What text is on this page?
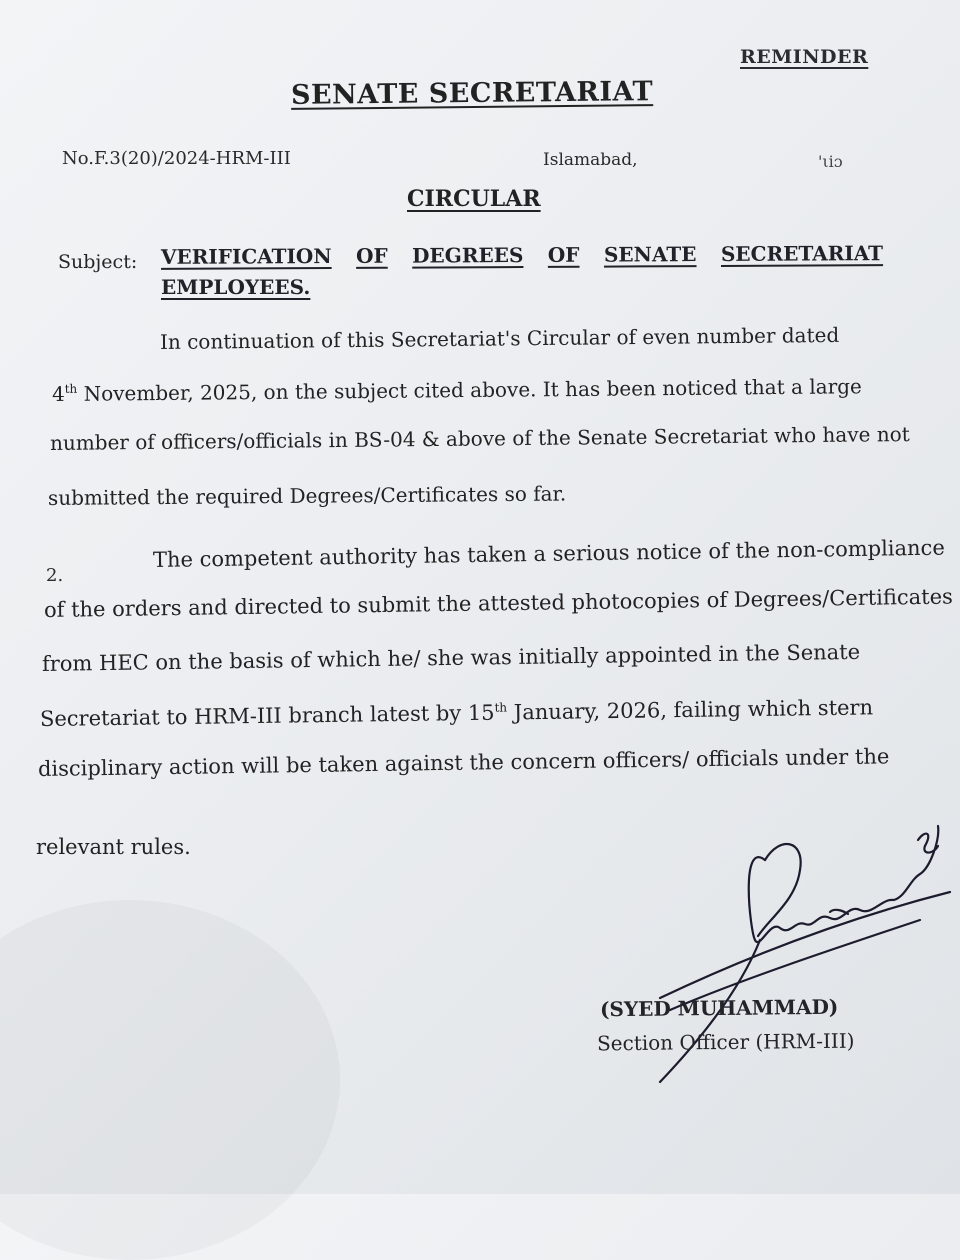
REMINDER
SENATE SECRETARIAT
No.F.3(20)/2024-HRM-III	Islamabad,	'ιiɔ
CIRCULAR
Subject: VERIFICATION OF DEGREES OF SENATE SECRETARIAT
EMPLOYEES.
In continuation of this Secretariat's Circular of even number dated
4th November, 2025, on the subject cited above. It has been noticed that a large
number of officers/officials in BS-04 & above of the Senate Secretariat who have not
submitted the required Degrees/Certificates so far.
2.
The competent authority has taken a serious notice of the non-compliance
of the orders and directed to submit the attested photocopies of Degrees/Certificates
from HEC on the basis of which he/ she was initially appointed in the Senate
Secretariat to HRM-III branch latest by 15th January, 2026, failing which stern
disciplinary action will be taken against the concern officers/ officials under the
relevant rules.
(SYED MUHAMMAD)
Section Officer (HRM-III)
